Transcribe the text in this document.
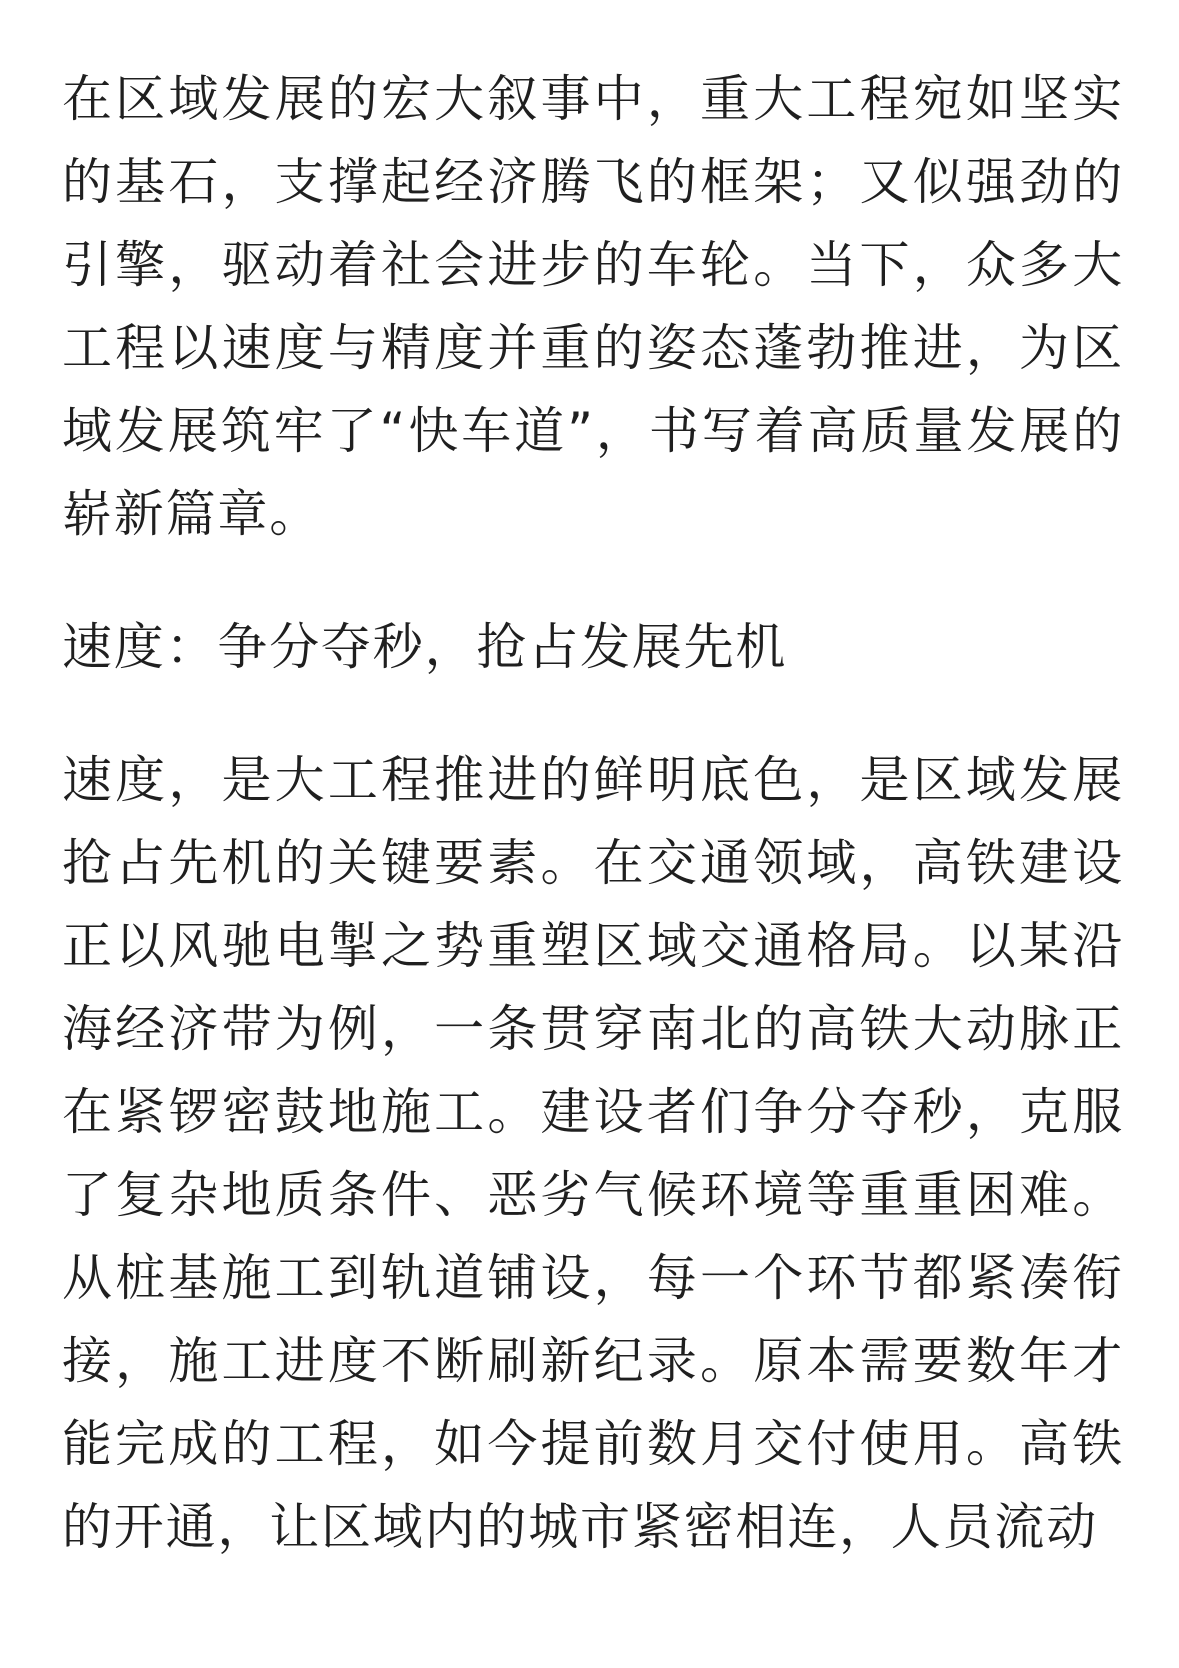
在区域发展的宏大叙事中，重大工程宛如坚实的基石，支撑起经济腾飞的框架；又似强劲的引擎，驱动着社会进步的车轮。当下，众多大工程以速度与精度并重的姿态蓬勃推进，为区域发展筑牢了“快车道”，书写着高质量发展的崭新篇章。

速度：争分夺秒，抢占发展先机

速度，是大工程推进的鲜明底色，是区域发展抢占先机的关键要素。在交通领域，高铁建设正以风驰电掣之势重塑区域交通格局。以某沿海经济带为例，一条贯穿南北的高铁大动脉正在紧锣密鼓地施工。建设者们争分夺秒，克服了复杂地质条件、恶劣气候环境等重重困难。从桩基施工到轨道铺设，每一个环节都紧凑衔接，施工进度不断刷新纪录。原本需要数年才能完成的工程，如今提前数月交付使用。高铁的开通，让区域内的城市紧密相连，人员流动
